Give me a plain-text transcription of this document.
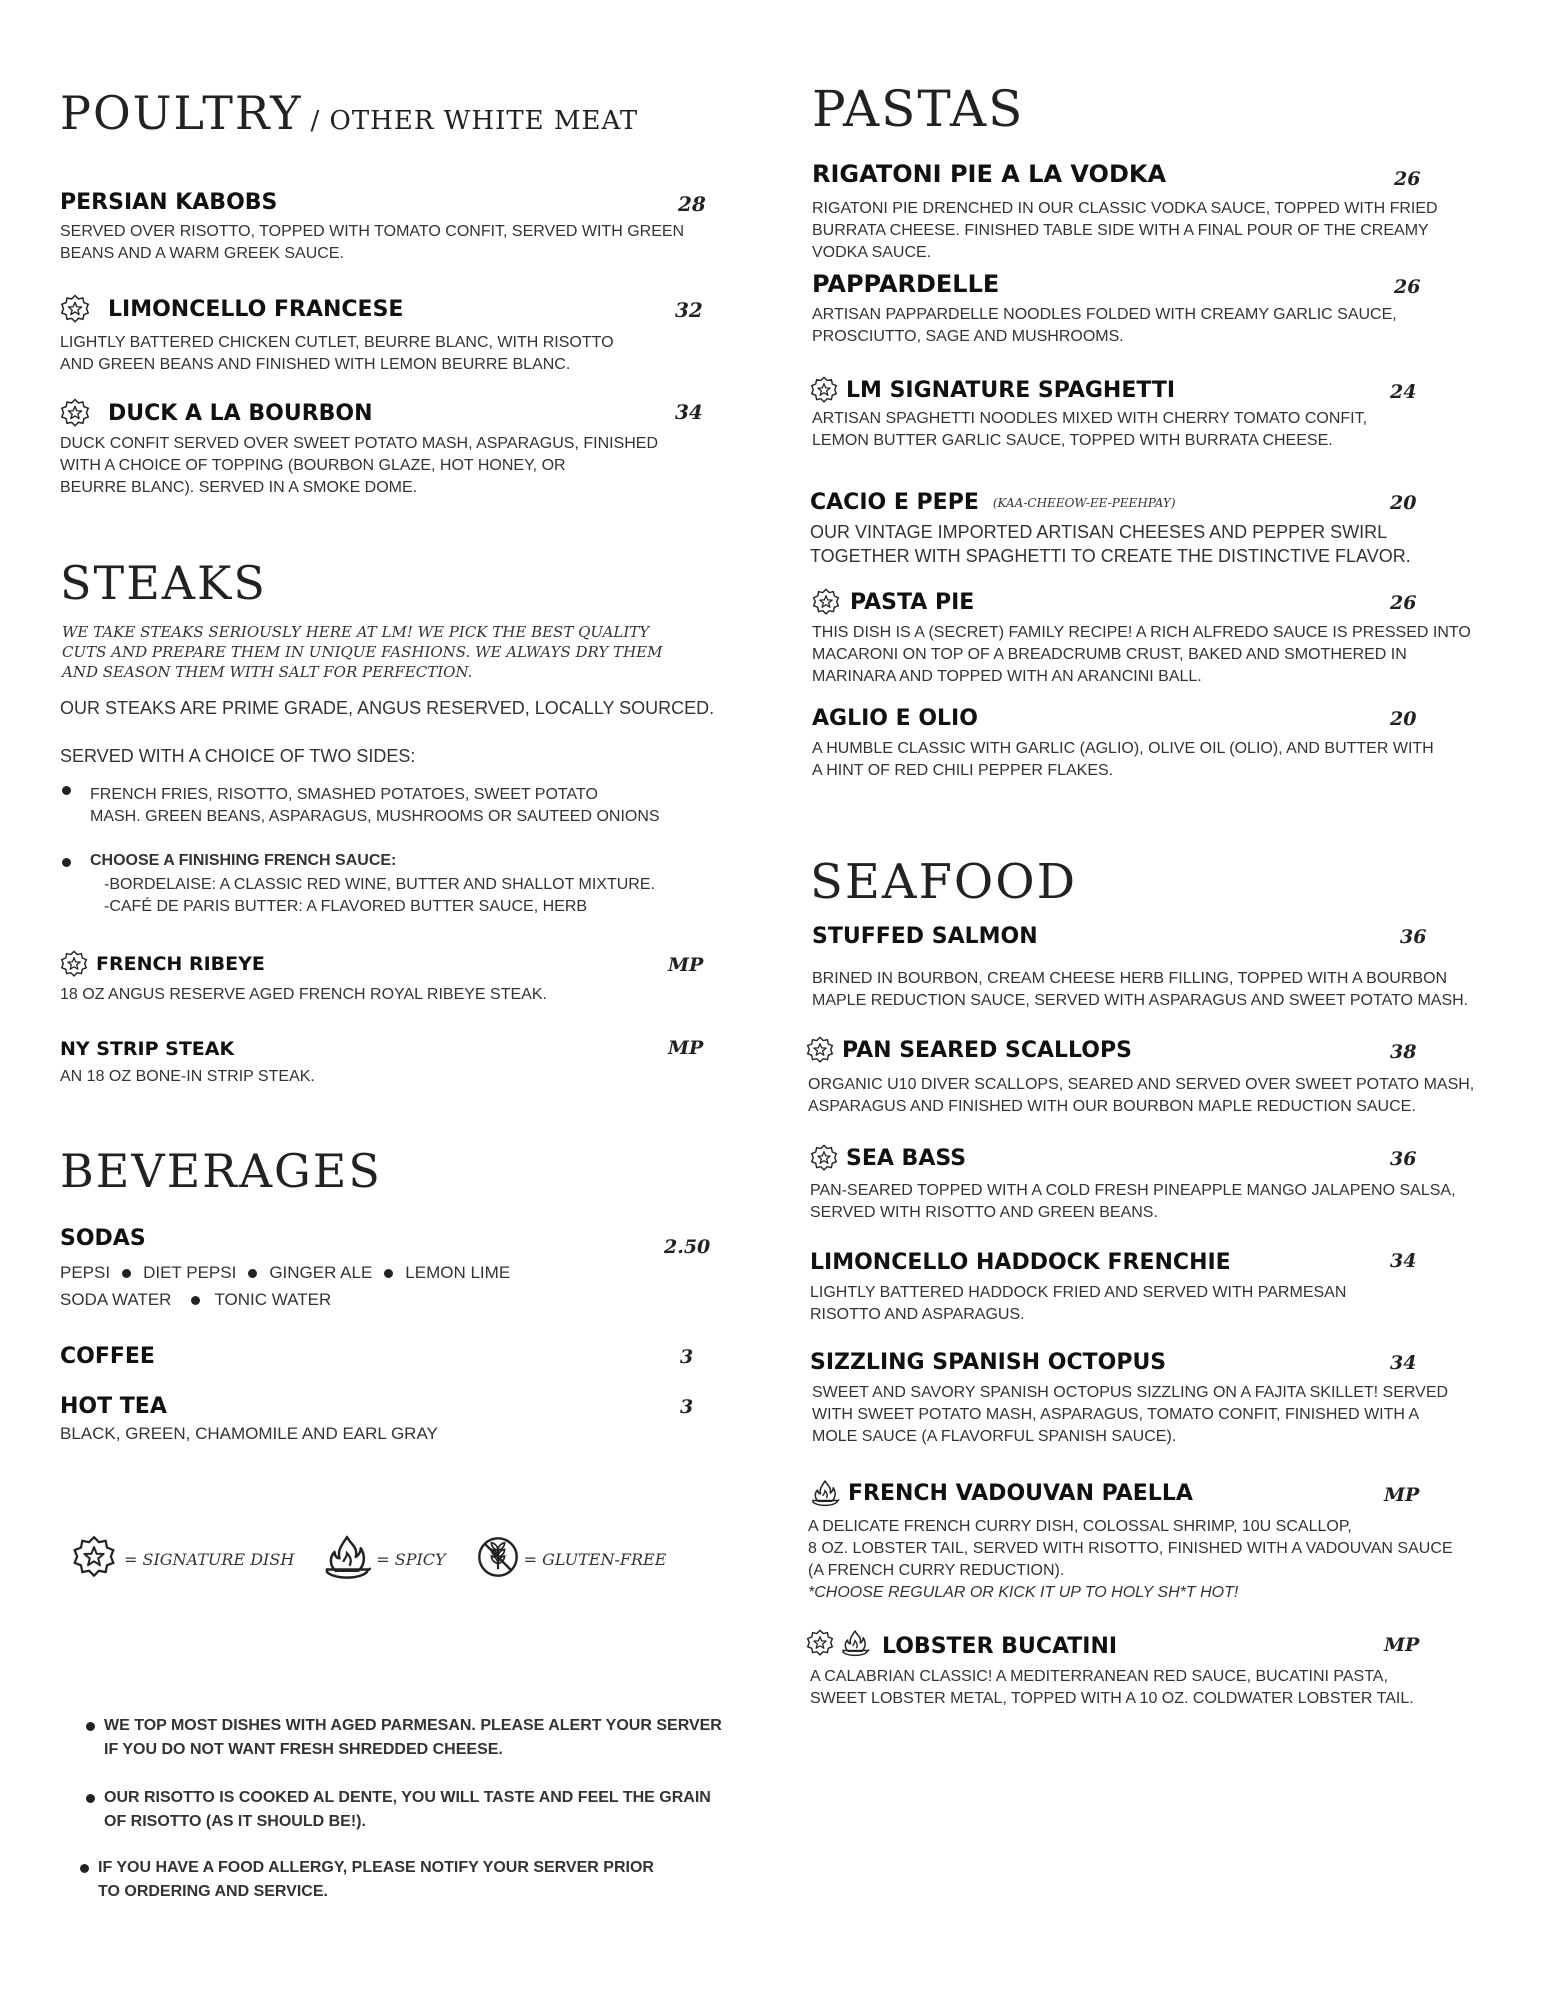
POULTRY / OTHER WHITE MEAT
PERSIAN KABOBS	28
SERVED OVER RISOTTO, TOPPED WITH TOMATO CONFIT, SERVED WITH GREEN
BEANS AND A WARM GREEK SAUCE.
LIMONCELLO FRANCESE	32
LIGHTLY BATTERED CHICKEN CUTLET, BEURRE BLANC, WITH RISOTTO
AND GREEN BEANS AND FINISHED WITH LEMON BEURRE BLANC.
DUCK A LA BOURBON	34
DUCK CONFIT SERVED OVER SWEET POTATO MASH, ASPARAGUS, FINISHED
WITH A CHOICE OF TOPPING (BOURBON GLAZE, HOT HONEY, OR
BEURRE BLANC). SERVED IN A SMOKE DOME.
STEAKS
WE TAKE STEAKS SERIOUSLY HERE AT LM! WE PICK THE BEST QUALITY
CUTS AND PREPARE THEM IN UNIQUE FASHIONS. WE ALWAYS DRY THEM
AND SEASON THEM WITH SALT FOR PERFECTION.
OUR STEAKS ARE PRIME GRADE, ANGUS RESERVED, LOCALLY SOURCED.
SERVED WITH A CHOICE OF TWO SIDES:
FRENCH FRIES, RISOTTO, SMASHED POTATOES, SWEET POTATO
MASH. GREEN BEANS, ASPARAGUS, MUSHROOMS OR SAUTEED ONIONS
CHOOSE A FINISHING FRENCH SAUCE:
-BORDELAISE: A CLASSIC RED WINE, BUTTER AND SHALLOT MIXTURE.
-CAFÉ DE PARIS BUTTER: A FLAVORED BUTTER SAUCE, HERB
FRENCH RIBEYE	MP
18 OZ ANGUS RESERVE AGED FRENCH ROYAL RIBEYE STEAK.
NY STRIP STEAK	MP
AN 18 OZ BONE-IN STRIP STEAK.
BEVERAGES
SODAS	2.50
PEPSI DIET PEPSI GINGER ALE LEMON LIME
SODA WATER	TONIC WATER
COFFEE	3
HOT TEA	3
BLACK, GREEN, CHAMOMILE AND EARL GRAY
= SIGNATURE DISH	= SPICY	= GLUTEN-FREE
WE TOP MOST DISHES WITH AGED PARMESAN. PLEASE ALERT YOUR SERVER
IF YOU DO NOT WANT FRESH SHREDDED CHEESE.
OUR RISOTTO IS COOKED AL DENTE, YOU WILL TASTE AND FEEL THE GRAIN
OF RISOTTO (AS IT SHOULD BE!).
IF YOU HAVE A FOOD ALLERGY, PLEASE NOTIFY YOUR SERVER PRIOR
TO ORDERING AND SERVICE.
PASTAS
RIGATONI PIE A LA VODKA	26
RIGATONI PIE DRENCHED IN OUR CLASSIC VODKA SAUCE, TOPPED WITH FRIED
BURRATA CHEESE. FINISHED TABLE SIDE WITH A FINAL POUR OF THE CREAMY
VODKA SAUCE.
PAPPARDELLE	26
ARTISAN PAPPARDELLE NOODLES FOLDED WITH CREAMY GARLIC SAUCE,
PROSCIUTTO, SAGE AND MUSHROOMS.
LM SIGNATURE SPAGHETTI	24
ARTISAN SPAGHETTI NOODLES MIXED WITH CHERRY TOMATO CONFIT,
LEMON BUTTER GARLIC SAUCE, TOPPED WITH BURRATA CHEESE.
CACIO E PEPE (KAA-CHEEOW-EE-PEEHPAY)	20
OUR VINTAGE IMPORTED ARTISAN CHEESES AND PEPPER SWIRL
TOGETHER WITH SPAGHETTI TO CREATE THE DISTINCTIVE FLAVOR.
PASTA PIE	26
THIS DISH IS A (SECRET) FAMILY RECIPE! A RICH ALFREDO SAUCE IS PRESSED INTO
MACARONI ON TOP OF A BREADCRUMB CRUST, BAKED AND SMOTHERED IN
MARINARA AND TOPPED WITH AN ARANCINI BALL.
AGLIO E OLIO	20
A HUMBLE CLASSIC WITH GARLIC (AGLIO), OLIVE OIL (OLIO), AND BUTTER WITH
A HINT OF RED CHILI PEPPER FLAKES.
SEAFOOD
STUFFED SALMON	36
BRINED IN BOURBON, CREAM CHEESE HERB FILLING, TOPPED WITH A BOURBON
MAPLE REDUCTION SAUCE, SERVED WITH ASPARAGUS AND SWEET POTATO MASH.
PAN SEARED SCALLOPS	38
ORGANIC U10 DIVER SCALLOPS, SEARED AND SERVED OVER SWEET POTATO MASH,
ASPARAGUS AND FINISHED WITH OUR BOURBON MAPLE REDUCTION SAUCE.
SEA BASS	36
PAN-SEARED TOPPED WITH A COLD FRESH PINEAPPLE MANGO JALAPENO SALSA,
SERVED WITH RISOTTO AND GREEN BEANS.
LIMONCELLO HADDOCK FRENCHIE	34
LIGHTLY BATTERED HADDOCK FRIED AND SERVED WITH PARMESAN
RISOTTO AND ASPARAGUS.
SIZZLING SPANISH OCTOPUS	34
SWEET AND SAVORY SPANISH OCTOPUS SIZZLING ON A FAJITA SKILLET! SERVED
WITH SWEET POTATO MASH, ASPARAGUS, TOMATO CONFIT, FINISHED WITH A
MOLE SAUCE (A FLAVORFUL SPANISH SAUCE).
FRENCH VADOUVAN PAELLA	MP
A DELICATE FRENCH CURRY DISH, COLOSSAL SHRIMP, 10U SCALLOP,
8 OZ. LOBSTER TAIL, SERVED WITH RISOTTO, FINISHED WITH A VADOUVAN SAUCE
(A FRENCH CURRY REDUCTION).
*CHOOSE REGULAR OR KICK IT UP TO HOLY SH*T HOT!
LOBSTER BUCATINI	MP
A CALABRIAN CLASSIC! A MEDITERRANEAN RED SAUCE, BUCATINI PASTA,
SWEET LOBSTER METAL, TOPPED WITH A 10 OZ. COLDWATER LOBSTER TAIL.
